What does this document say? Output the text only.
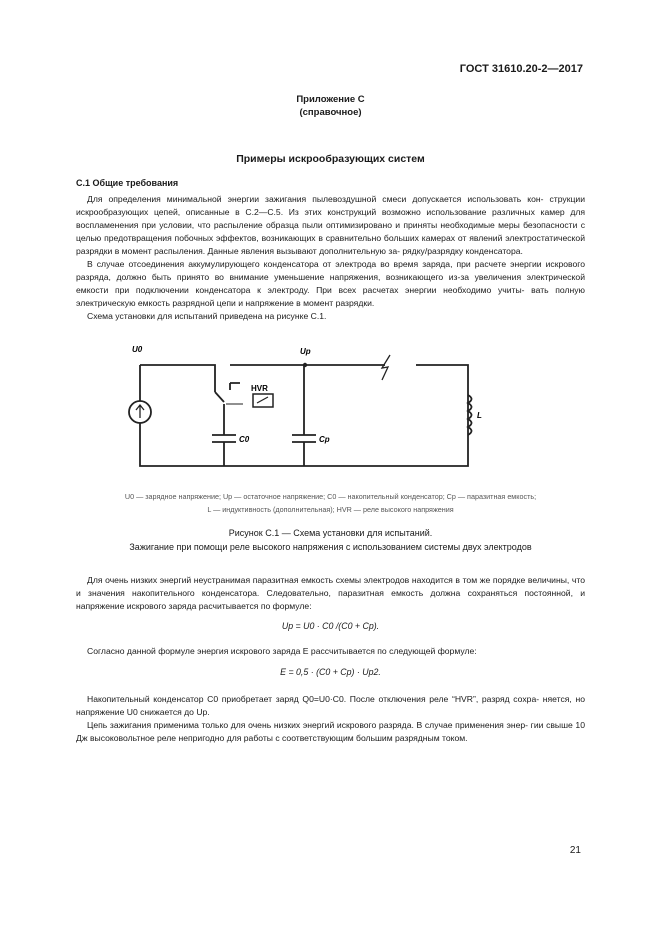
ГОСТ 31610.20-2—2017
Приложение С
(справочное)
Примеры искрообразующих систем
С.1 Общие требования

Для определения минимальной энергии зажигания пылевоздушной смеси допускается использовать кон- струкции искрообразующих цепей, описанные в С.2—С.5. Из этих конструкций возможно использование различных камер для воспламенения при условии, что распыление образца пыли оптимизировано и приняты необходимые меры безопасности с целью предотвращения побочных эффектов, возникающих в сравнительно больших камерах от явлений электростатической разрядки в момент распыления. Данные явления вызывают дополнительную за- рядку/разрядку конденсатора.

В случае отсоединения аккумулирующего конденсатора от электрода во время заряда, при расчете энергии искрового разряда, должно быть принято во внимание уменьшение напряжения, возникающего из-за увеличения электрической емкости при подключении конденсатора к электроду. При всех расчетах энергии необходимо учиты- вать полную электрическую емкость разрядной цепи и напряжение в момент разрядки.

Схема установки для испытаний приведена на рисунке С.1.

HVR
U0	Up
C0	Cp
L
U0 — зарядное напряжение; Up — остаточное напряжение; C0 — накопительный конденсатор; Cp — паразитная емкость;
L — индуктивность (дополнительная); HVR — реле высокого напряжения
Рисунок С.1 — Схема установки для испытаний.
Зажигание при помощи реле высокого напряжения с использованием системы двух электродов

Для очень низких энергий неустранимая паразитная емкость схемы электродов находится в том же порядке величины, что и значения накопительного конденсатора. Следовательно, паразитная емкость должна сохраняться постоянной, и напряжение искрового заряда расчитывается по формуле:

Up = U0 · C0 /(C0 + Cp).

Согласно данной формуле энергия искрового заряда E рассчитывается по следующей формуле:

E = 0,5 · (C0 + Cp) · Up2.

Накопительный конденсатор C0 приобретает заряд Q0=U0·C0. После отключения реле “HVR”, разряд сохра- няется, но напряжение U0 снижается до Up.

Цепь зажигания применима только для очень низких энергий искрового разряда. В случае применения энер- гии свыше 10 Дж высоковольтное реле непригодно для работы с соответствующим большим разрядным током.

21
